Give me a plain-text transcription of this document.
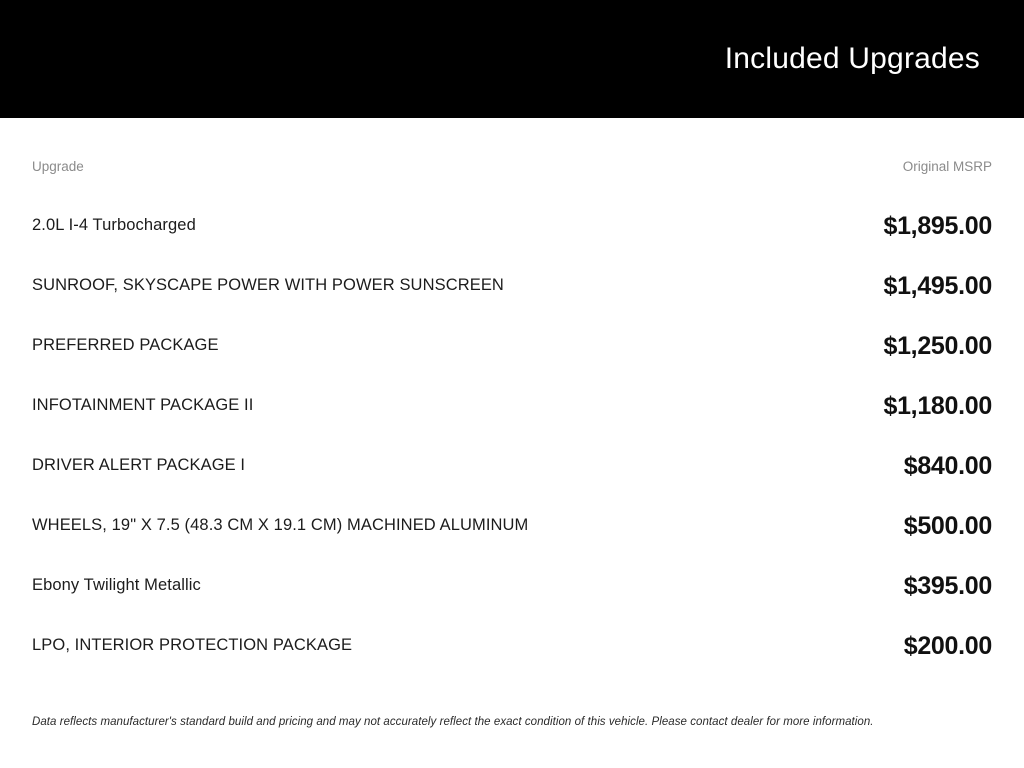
Included Upgrades
Upgrade	Original MSRP
2.0L I-4 Turbocharged	$1,895.00
SUNROOF, SKYSCAPE POWER WITH POWER SUNSCREEN	$1,495.00
PREFERRED PACKAGE	$1,250.00
INFOTAINMENT PACKAGE II	$1,180.00
DRIVER ALERT PACKAGE I	$840.00
WHEELS, 19" X 7.5 (48.3 CM X 19.1 CM) MACHINED ALUMINUM	$500.00
Ebony Twilight Metallic	$395.00
LPO, INTERIOR PROTECTION PACKAGE	$200.00
Data reflects manufacturer's standard build and pricing and may not accurately reflect the exact condition of this vehicle. Please contact dealer for more information.
